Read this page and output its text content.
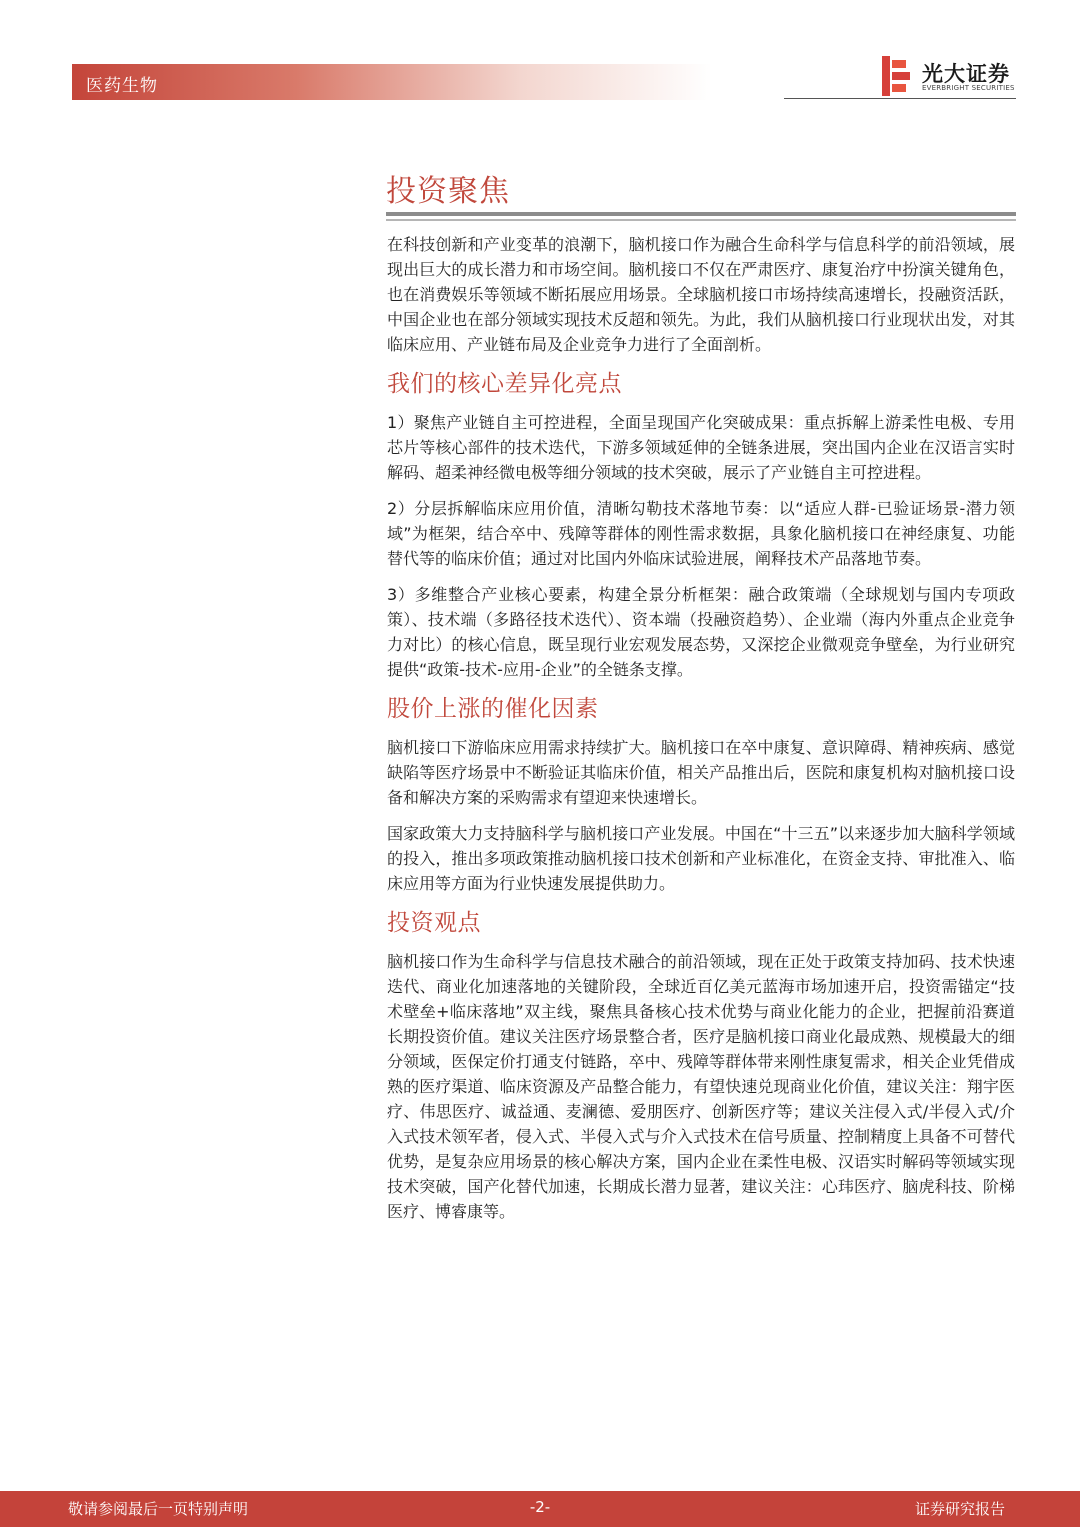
医药生物	光大证券
EVERBRIGHT SECURITIES
投资聚焦

在科技创新和产业变革的浪潮下，脑机接口作为融合生命科学与信息科学的前沿领域，展现出巨大的成长潜力和市场空间。脑机接口不仅在严肃医疗、康复治疗中扮演关键角色，也在消费娱乐等领域不断拓展应用场景。全球脑机接口市场持续高速增长，投融资活跃，中国企业也在部分领域实现技术反超和领先。为此，我们从脑机接口行业现状出发，对其临床应用、产业链布局及企业竞争力进行了全面剖析。

我们的核心差异化亮点

1）聚焦产业链自主可控进程，全面呈现国产化突破成果：重点拆解上游柔性电极、专用芯片等核心部件的技术迭代，下游多领域延伸的全链条进展，突出国内企业在汉语言实时解码、超柔神经微电极等细分领域的技术突破，展示了产业链自主可控进程。

2）分层拆解临床应用价值，清晰勾勒技术落地节奏：以“适应人群-已验证场景-潜力领域”为框架，结合卒中、残障等群体的刚性需求数据，具象化脑机接口在神经康复、功能替代等的临床价值；通过对比国内外临床试验进展，阐释技术产品落地节奏。

3）多维整合产业核心要素，构建全景分析框架：融合政策端（全球规划与国内专项政策）、技术端（多路径技术迭代）、资本端（投融资趋势）、企业端（海内外重点企业竞争力对比）的核心信息，既呈现行业宏观发展态势，又深挖企业微观竞争壁垒，为行业研究提供“政策-技术-应用-企业”的全链条支撑。

股价上涨的催化因素

脑机接口下游临床应用需求持续扩大。脑机接口在卒中康复、意识障碍、精神疾病、感觉缺陷等医疗场景中不断验证其临床价值，相关产品推出后，医院和康复机构对脑机接口设备和解决方案的采购需求有望迎来快速增长。

国家政策大力支持脑科学与脑机接口产业发展。中国在“十三五”以来逐步加大脑科学领域的投入，推出多项政策推动脑机接口技术创新和产业标准化，在资金支持、审批准入、临床应用等方面为行业快速发展提供助力。

投资观点

脑机接口作为生命科学与信息技术融合的前沿领域，现在正处于政策支持加码、技术快速迭代、商业化加速落地的关键阶段，全球近百亿美元蓝海市场加速开启，投资需锚定“技术壁垒+临床落地”双主线，聚焦具备核心技术优势与商业化能力的企业，把握前沿赛道长期投资价值。建议关注医疗场景整合者，医疗是脑机接口商业化最成熟、规模最大的细分领域，医保定价打通支付链路，卒中、残障等群体带来刚性康复需求，相关企业凭借成熟的医疗渠道、临床资源及产品整合能力，有望快速兑现商业化价值，建议关注：翔宇医疗、伟思医疗、诚益通、麦澜德、爱朋医疗、创新医疗等；建议关注侵入式/半侵入式/介入式技术领军者，侵入式、半侵入式与介入式技术在信号质量、控制精度上具备不可替代优势，是复杂应用场景的核心解决方案，国内企业在柔性电极、汉语实时解码等领域实现技术突破，国产化替代加速，长期成长潜力显著，建议关注：心玮医疗、脑虎科技、阶梯医疗、博睿康等。

敬请参阅最后一页特别声明	-2-	证券研究报告
